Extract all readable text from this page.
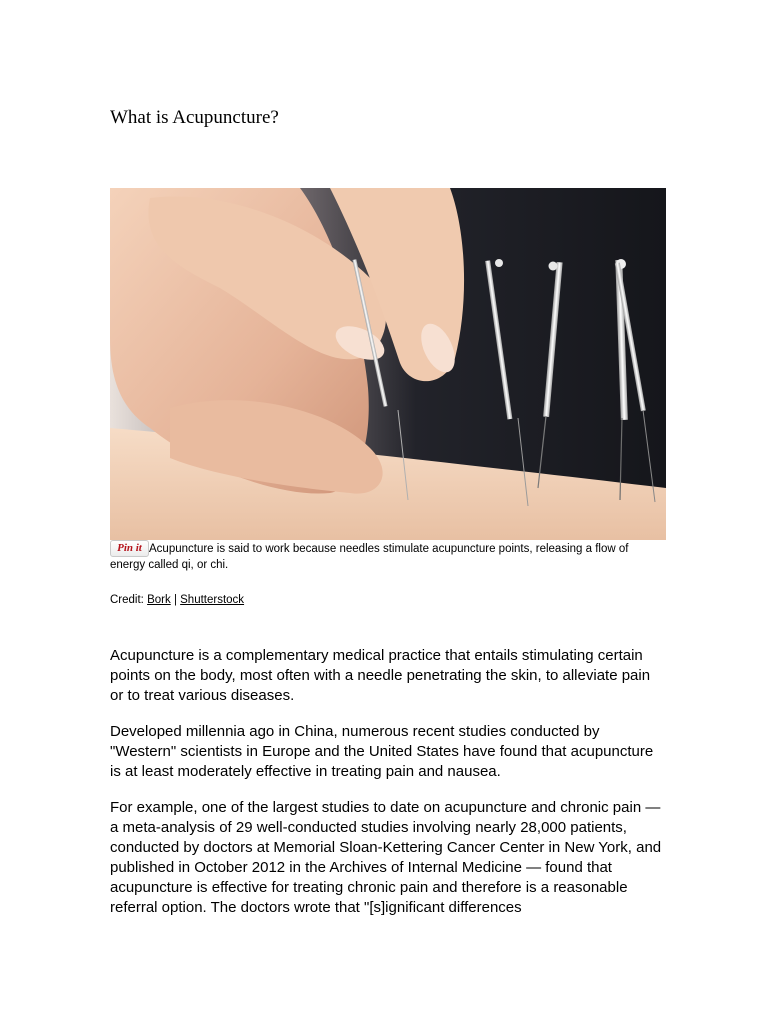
What is Acupuncture?
Pin it Acupuncture is said to work because needles stimulate acupuncture points, releasing a flow of energy called qi, or chi.
Credit: Bork | Shutterstock

Acupuncture is a complementary medical practice that entails stimulating certain points on the body, most often with a needle penetrating the skin, to alleviate pain or to treat various diseases.

Developed millennia ago in China, numerous recent studies conducted by "Western" scientists in Europe and the United States have found that acupuncture is at least moderately effective in treating pain and nausea.

For example, one of the largest studies to date on acupuncture and chronic pain — a meta-analysis of 29 well-conducted studies involving nearly 28,000 patients, conducted by doctors at Memorial Sloan-Kettering Cancer Center in New York, and published in October 2012 in the Archives of Internal Medicine — found that acupuncture is effective for treating chronic pain and therefore is a reasonable referral option. The doctors wrote that "[s]ignificant differences
